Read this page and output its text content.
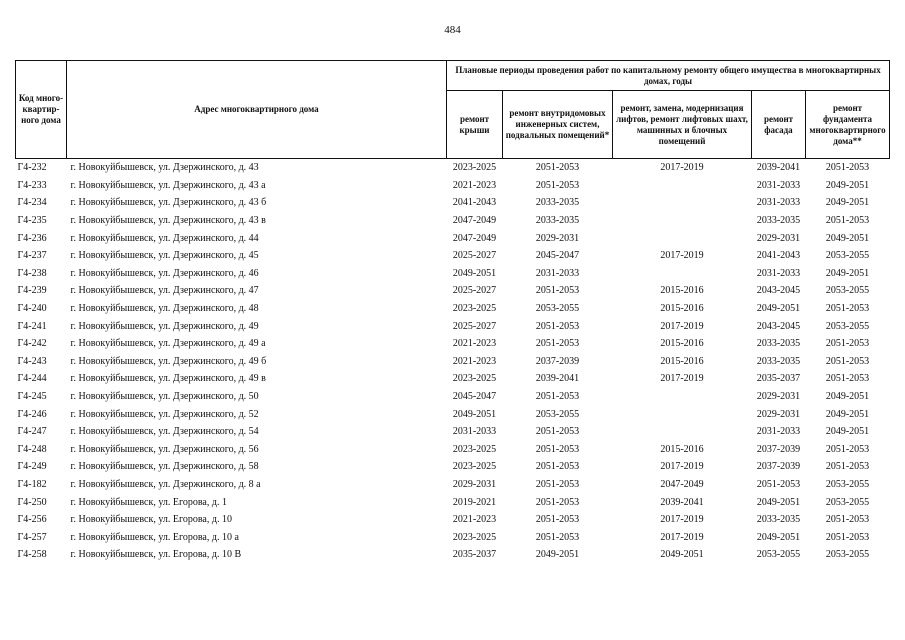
484
Код много-квартир-ного дома	Адрес многоквартирного дома	Плановые периоды проведения работ по капитальному ремонту общего имущества в многоквартирных домах, годы				
		ремонт крыши	ремонт внутридомовых инженерных систем, подвальных помещений*	ремонт, замена, модернизация лифтов, ремонт лифтовых шахт, машинных и блочных помещений	ремонт фасада	ремонт фундамента многоквартирного дома**
Г4-232	г. Новокуйбышевск, ул. Дзержинского, д. 43	2023-2025	2051-2053	2017-2019	2039-2041	2051-2053
Г4-233	г. Новокуйбышевск, ул. Дзержинского, д. 43 а	2021-2023	2051-2053		2031-2033	2049-2051
Г4-234	г. Новокуйбышевск, ул. Дзержинского, д. 43 б	2041-2043	2033-2035		2031-2033	2049-2051
Г4-235	г. Новокуйбышевск, ул. Дзержинского, д. 43 в	2047-2049	2033-2035		2033-2035	2051-2053
Г4-236	г. Новокуйбышевск, ул. Дзержинского, д. 44	2047-2049	2029-2031		2029-2031	2049-2051
Г4-237	г. Новокуйбышевск, ул. Дзержинского, д. 45	2025-2027	2045-2047	2017-2019	2041-2043	2053-2055
Г4-238	г. Новокуйбышевск, ул. Дзержинского, д. 46	2049-2051	2031-2033		2031-2033	2049-2051
Г4-239	г. Новокуйбышевск, ул. Дзержинского, д. 47	2025-2027	2051-2053	2015-2016	2043-2045	2053-2055
Г4-240	г. Новокуйбышевск, ул. Дзержинского, д. 48	2023-2025	2053-2055	2015-2016	2049-2051	2051-2053
Г4-241	г. Новокуйбышевск, ул. Дзержинского, д. 49	2025-2027	2051-2053	2017-2019	2043-2045	2053-2055
Г4-242	г. Новокуйбышевск, ул. Дзержинского, д. 49 а	2021-2023	2051-2053	2015-2016	2033-2035	2051-2053
Г4-243	г. Новокуйбышевск, ул. Дзержинского, д. 49 б	2021-2023	2037-2039	2015-2016	2033-2035	2051-2053
Г4-244	г. Новокуйбышевск, ул. Дзержинского, д. 49 в	2023-2025	2039-2041	2017-2019	2035-2037	2051-2053
Г4-245	г. Новокуйбышевск, ул. Дзержинского, д. 50	2045-2047	2051-2053		2029-2031	2049-2051
Г4-246	г. Новокуйбышевск, ул. Дзержинского, д. 52	2049-2051	2053-2055		2029-2031	2049-2051
Г4-247	г. Новокуйбышевск, ул. Дзержинского, д. 54	2031-2033	2051-2053		2031-2033	2049-2051
Г4-248	г. Новокуйбышевск, ул. Дзержинского, д. 56	2023-2025	2051-2053	2015-2016	2037-2039	2051-2053
Г4-249	г. Новокуйбышевск, ул. Дзержинского, д. 58	2023-2025	2051-2053	2017-2019	2037-2039	2051-2053
Г4-182	г. Новокуйбышевск, ул. Дзержинского, д. 8 а	2029-2031	2051-2053	2047-2049	2051-2053	2053-2055
Г4-250	г. Новокуйбышевск, ул. Егорова, д. 1	2019-2021	2051-2053	2039-2041	2049-2051	2053-2055
Г4-256	г. Новокуйбышевск, ул. Егорова, д. 10	2021-2023	2051-2053	2017-2019	2033-2035	2051-2053
Г4-257	г. Новокуйбышевск, ул. Егорова, д. 10 а	2023-2025	2051-2053	2017-2019	2049-2051	2051-2053
Г4-258	г. Новокуйбышевск, ул. Егорова, д. 10 В	2035-2037	2049-2051	2049-2051	2053-2055	2053-2055
